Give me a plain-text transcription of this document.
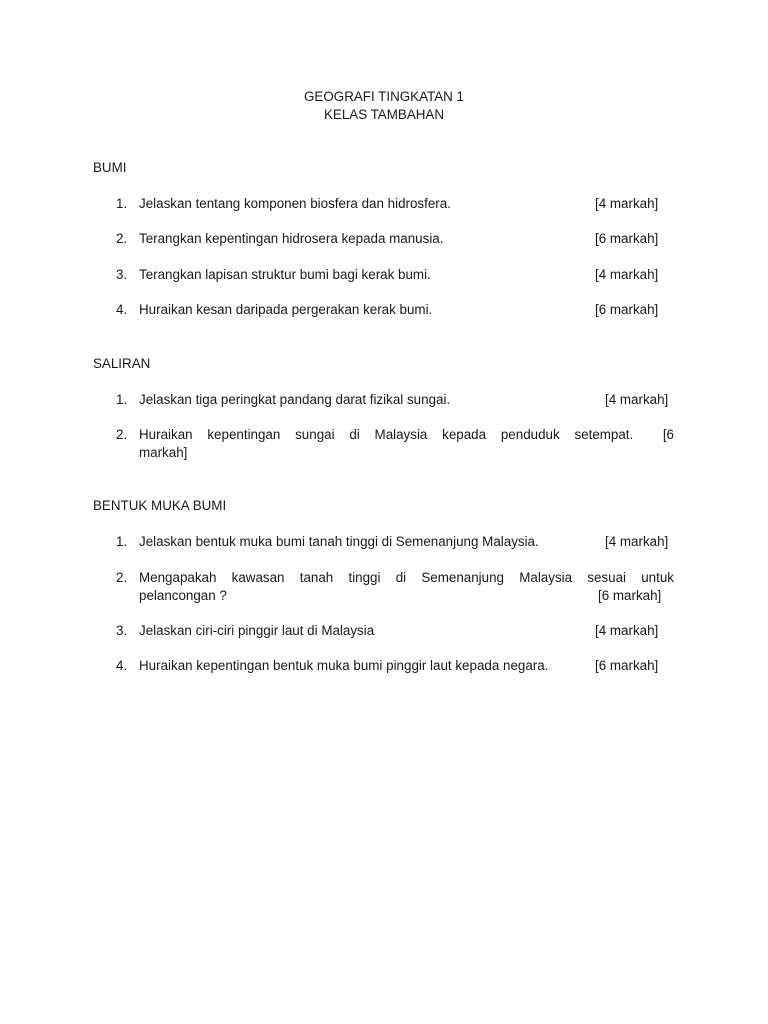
GEOGRAFI TINGKATAN 1
KELAS TAMBAHAN
BUMI
1. Jelaskan tentang komponen biosfera dan hidrosfera.	[4 markah]
2. Terangkan kepentingan hidrosera kepada manusia.	[6 markah]
3. Terangkan lapisan struktur bumi bagi kerak bumi.	[4 markah]
4. Huraikan kesan daripada pergerakan kerak bumi.	[6 markah]
SALIRAN
1. Jelaskan tiga peringkat pandang darat fizikal sungai.	[4 markah]
2. Huraikan kepentingan sungai di Malaysia kepada penduduk setempat. [6
markah]
BENTUK MUKA BUMI
1. Jelaskan bentuk muka bumi tanah tinggi di Semenanjung Malaysia.	[4 markah]
2. Mengapakah kawasan tanah tinggi di Semenanjung Malaysia sesuai untuk
pelancongan ?	[6 markah]
3. Jelaskan ciri-ciri pinggir laut di Malaysia	[4 markah]
4. Huraikan kepentingan bentuk muka bumi pinggir laut kepada negara.	[6 markah]
